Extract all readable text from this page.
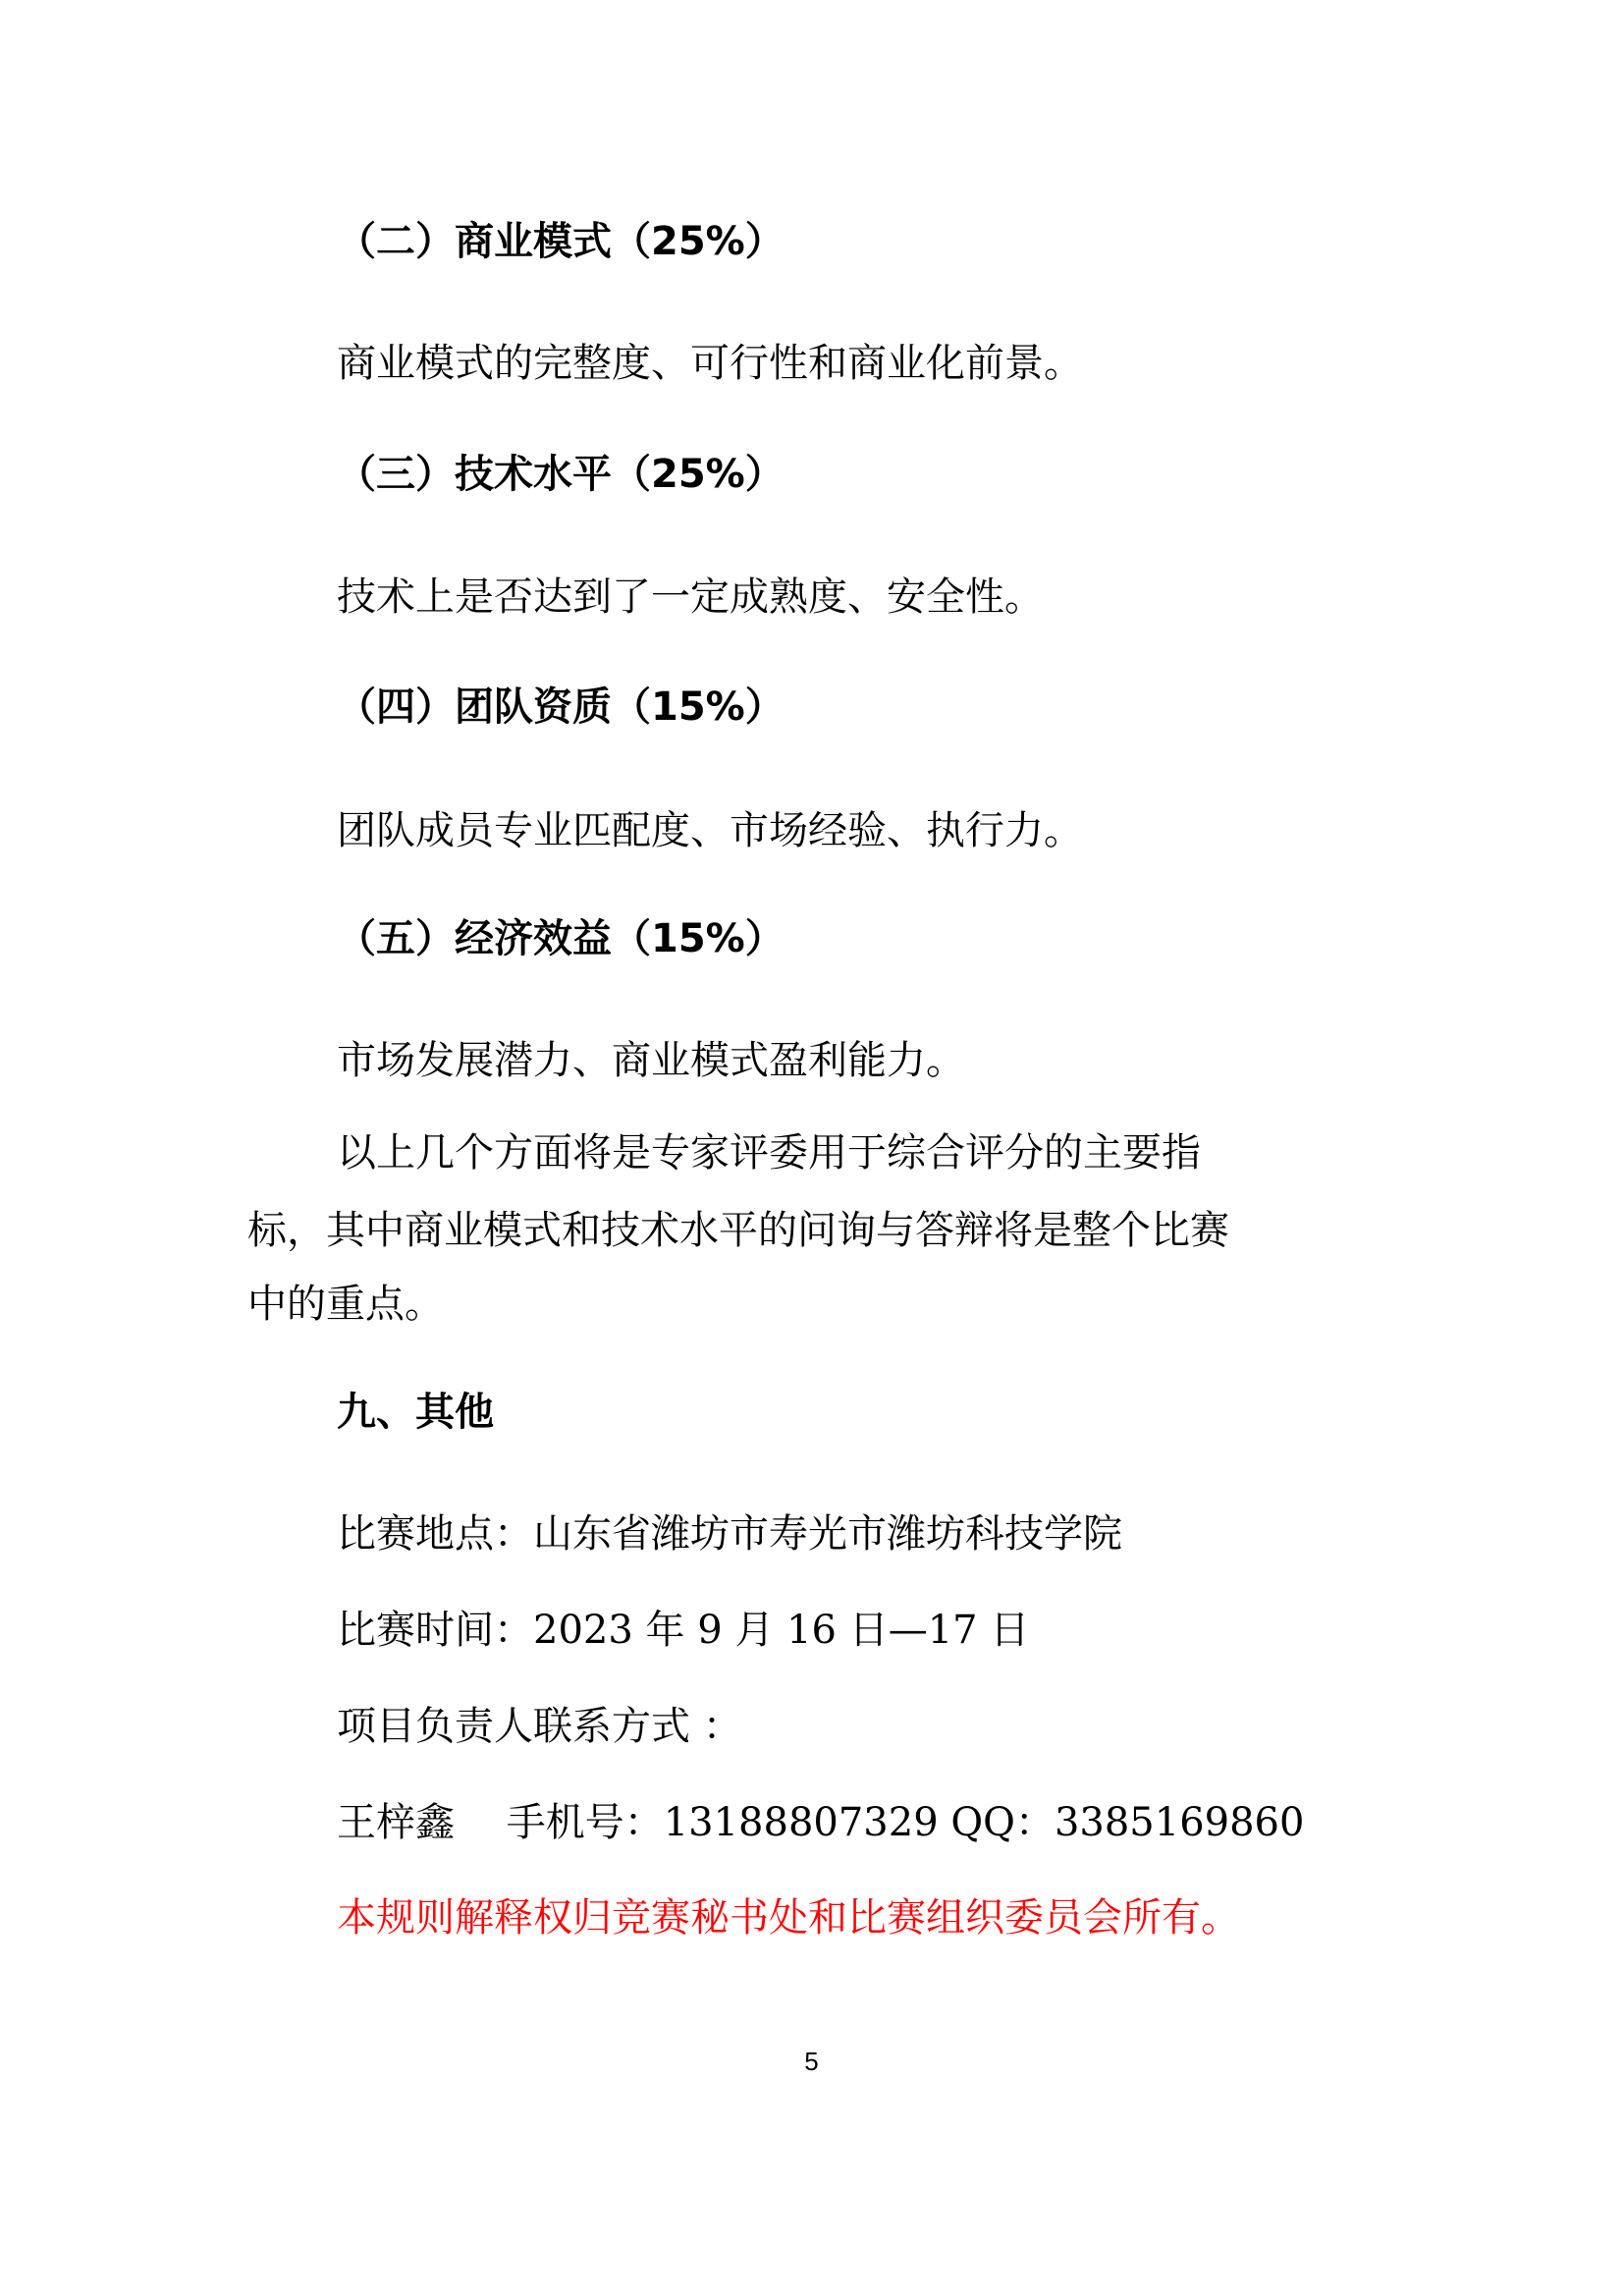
（二）商业模式（25%）
商业模式的完整度、可行性和商业化前景。
（三）技术水平（25%）
技术上是否达到了一定成熟度、安全性。
（四）团队资质（15%）
团队成员专业匹配度、市场经验、执行力。
（五）经济效益（15%）
市场发展潜力、商业模式盈利能力。
以上几个方面将是专家评委用于综合评分的主要指
标，其中商业模式和技术水平的问询与答辩将是整个比赛
中的重点。
九、其他
比赛地点：山东省潍坊市寿光市潍坊科技学院
比赛时间：2023 年 9 月 16 日—17 日
项目负责人联系方式 ：
王梓鑫　 手机号：13188807329 QQ：3385169860
本规则解释权归竞赛秘书处和比赛组织委员会所有。
5
